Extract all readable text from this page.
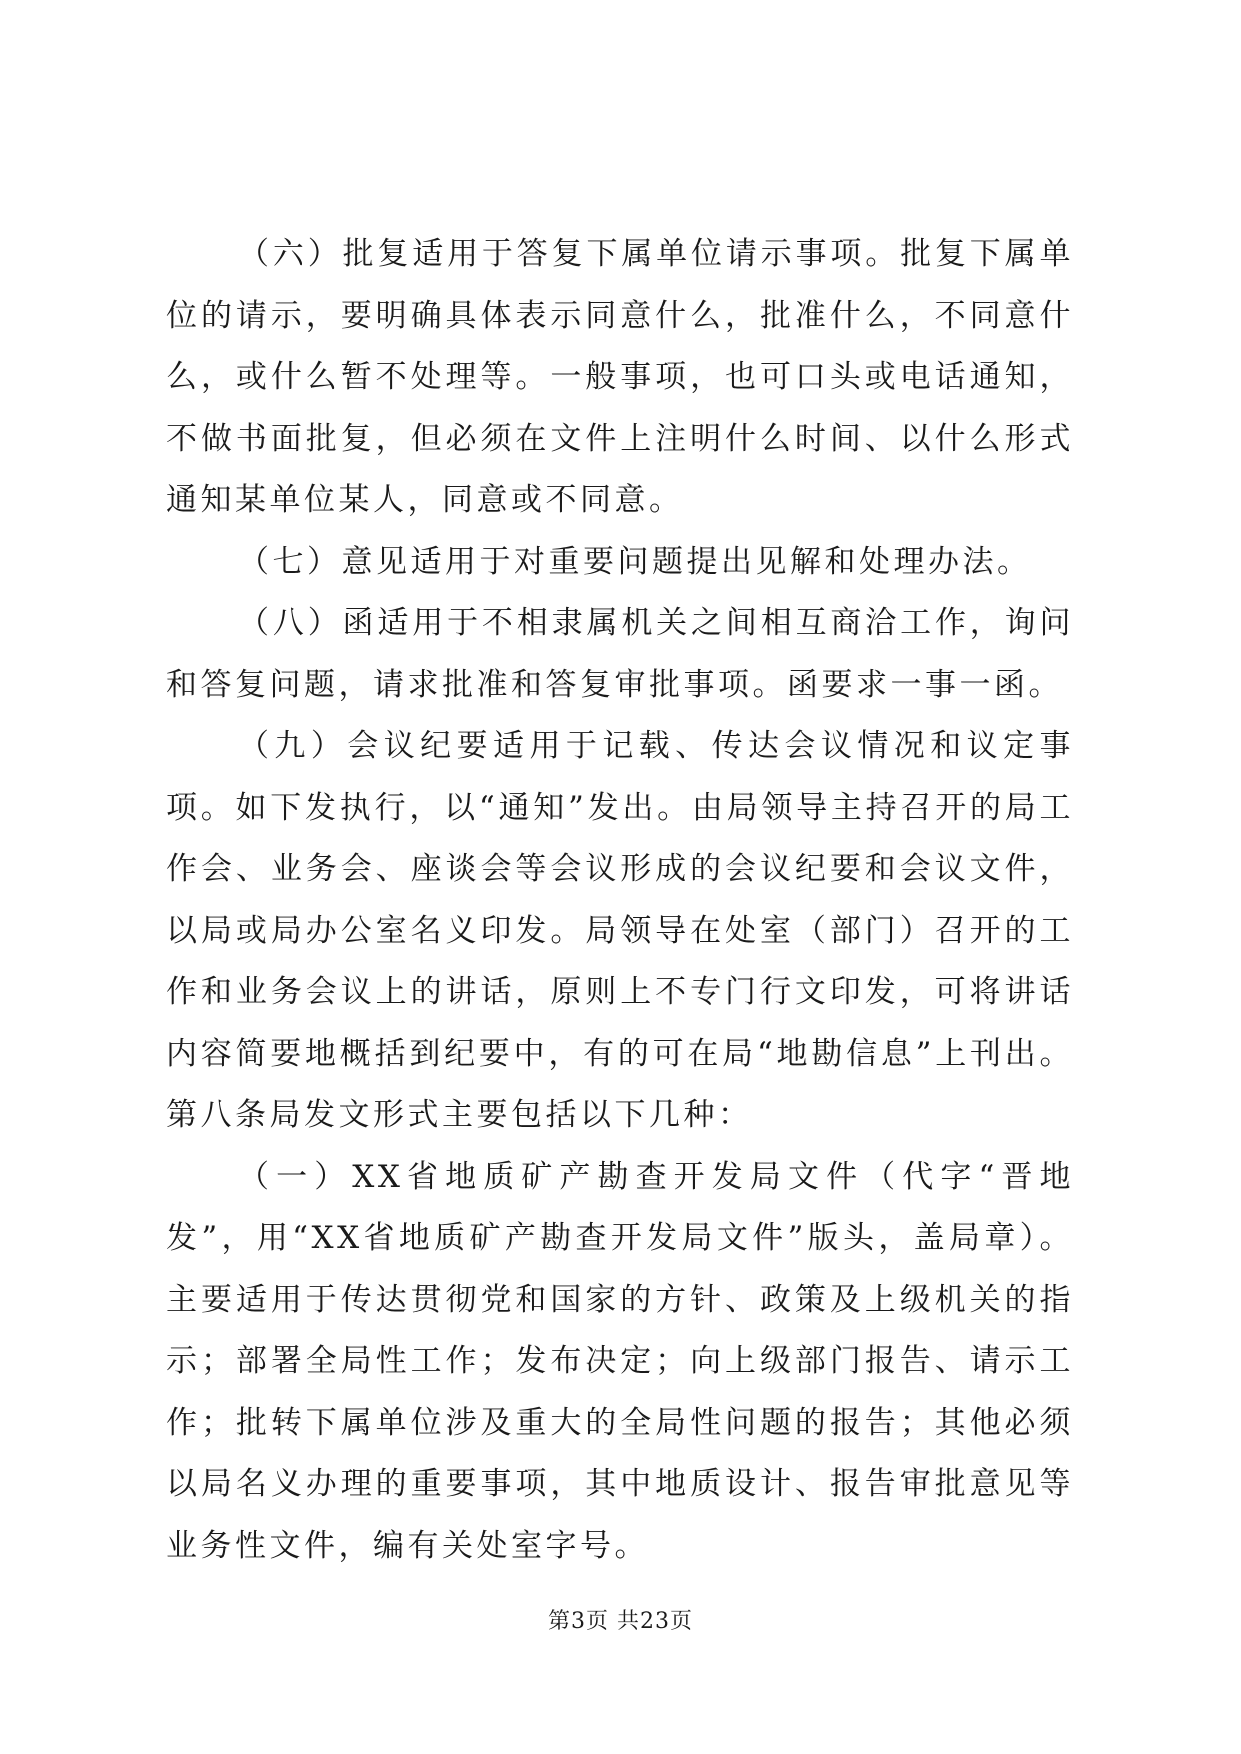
（六）批复适用于答复下属单位请示事项。批复下属单位的请示，要明确具体表示同意什么，批准什么，不同意什么，或什么暂不处理等。一般事项，也可口头或电话通知，不做书面批复，但必须在文件上注明什么时间、以什么形式通知某单位某人，同意或不同意。

（七）意见适用于对重要问题提出见解和处理办法。

（八）函适用于不相隶属机关之间相互商洽工作，询问和答复问题，请求批准和答复审批事项。函要求一事一函。

（九）会议纪要适用于记载、传达会议情况和议定事项。如下发执行，以“通知”发出。由局领导主持召开的局工作会、业务会、座谈会等会议形成的会议纪要和会议文件，以局或局办公室名义印发。局领导在处室（部门）召开的工作和业务会议上的讲话，原则上不专门行文印发，可将讲话内容简要地概括到纪要中，有的可在局“地勘信息”上刊出。第八条局发文形式主要包括以下几种：

（一）XX省地质矿产勘查开发局文件（代字“晋地发”，用“XX省地质矿产勘查开发局文件”版头，盖局章）。主要适用于传达贯彻党和国家的方针、政策及上级机关的指示；部署全局性工作；发布决定；向上级部门报告、请示工作；批转下属单位涉及重大的全局性问题的报告；其他必须以局名义办理的重要事项，其中地质设计、报告审批意见等业务性文件，编有关处室字号。

第3页 共23页
